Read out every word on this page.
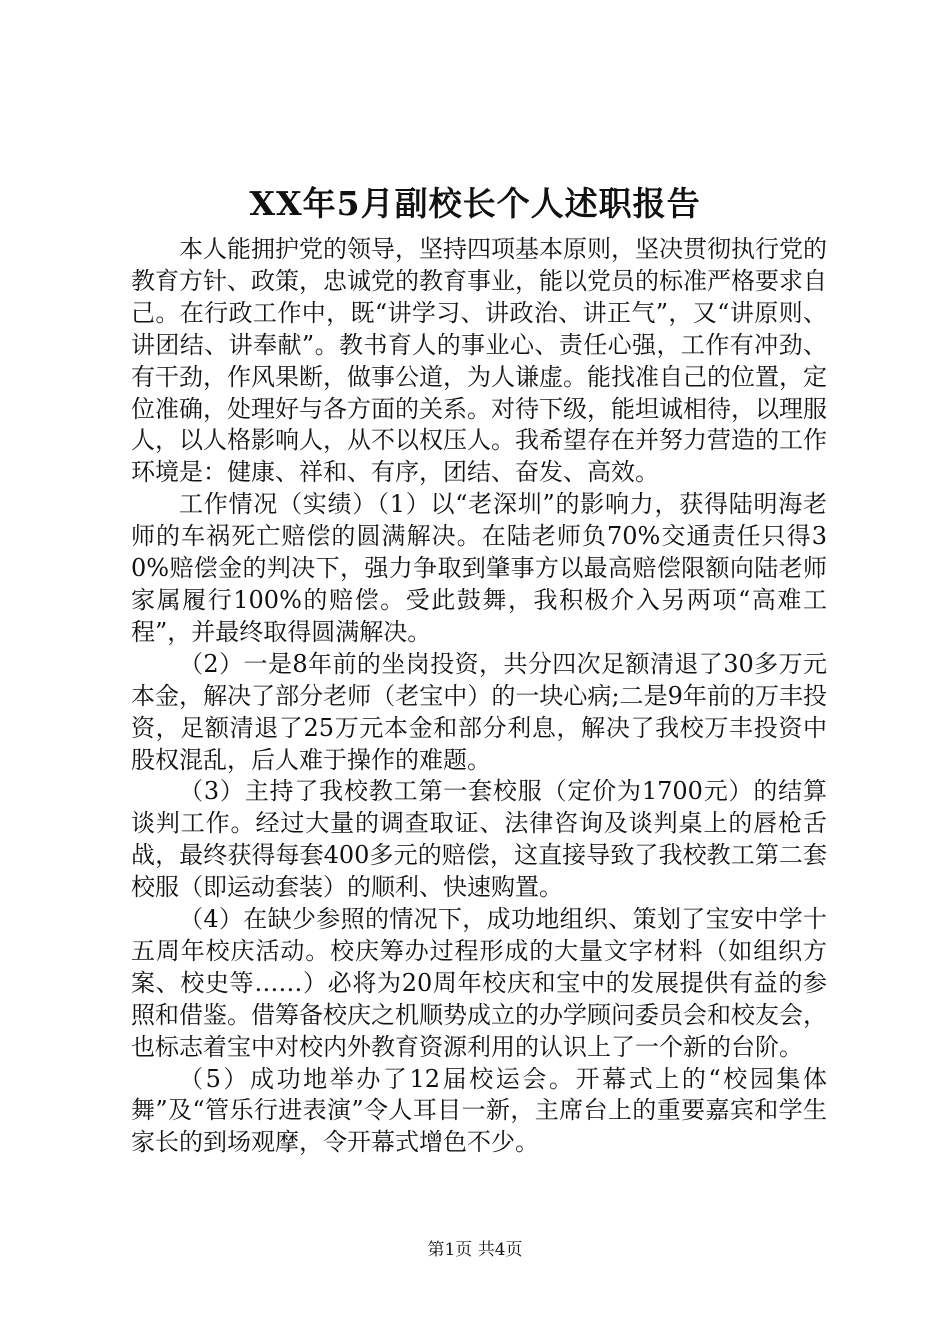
XX年5月副校长个人述职报告

本人能拥护党的领导，坚持四项基本原则，坚决贯彻执行党的教育方针、政策，忠诚党的教育事业，能以党员的标准严格要求自己。在行政工作中，既“讲学习、讲政治、讲正气”，又“讲原则、讲团结、讲奉献”。教书育人的事业心、责任心强，工作有冲劲、有干劲，作风果断，做事公道，为人谦虚。能找准自己的位置，定位准确，处理好与各方面的关系。对待下级，能坦诚相待，以理服人，以人格影响人，从不以权压人。我希望存在并努力营造的工作环境是：健康、祥和、有序，团结、奋发、高效。

工作情况（实绩）（1）以“老深圳”的影响力，获得陆明海老师的车祸死亡赔偿的圆满解决。在陆老师负70%交通责任只得30%赔偿金的判决下，强力争取到肇事方以最高赔偿限额向陆老师家属履行100%的赔偿。受此鼓舞，我积极介入另两项“高难工程”，并最终取得圆满解决。

（2）一是8年前的坐岗投资，共分四次足额清退了30多万元本金，解决了部分老师（老宝中）的一块心病;二是9年前的万丰投资，足额清退了25万元本金和部分利息，解决了我校万丰投资中股权混乱，后人难于操作的难题。

（3）主持了我校教工第一套校服（定价为1700元）的结算谈判工作。经过大量的调查取证、法律咨询及谈判桌上的唇枪舌战，最终获得每套400多元的赔偿，这直接导致了我校教工第二套校服（即运动套装）的顺利、快速购置。

（4）在缺少参照的情况下，成功地组织、策划了宝安中学十五周年校庆活动。校庆筹办过程形成的大量文字材料（如组织方案、校史等……）必将为20周年校庆和宝中的发展提供有益的参照和借鉴。借筹备校庆之机顺势成立的办学顾问委员会和校友会，也标志着宝中对校内外教育资源利用的认识上了一个新的台阶。

（5）成功地举办了12届校运会。开幕式上的“校园集体舞”及“管乐行进表演”令人耳目一新，主席台上的重要嘉宾和学生家长的到场观摩，令开幕式增色不少。

第1页 共4页
